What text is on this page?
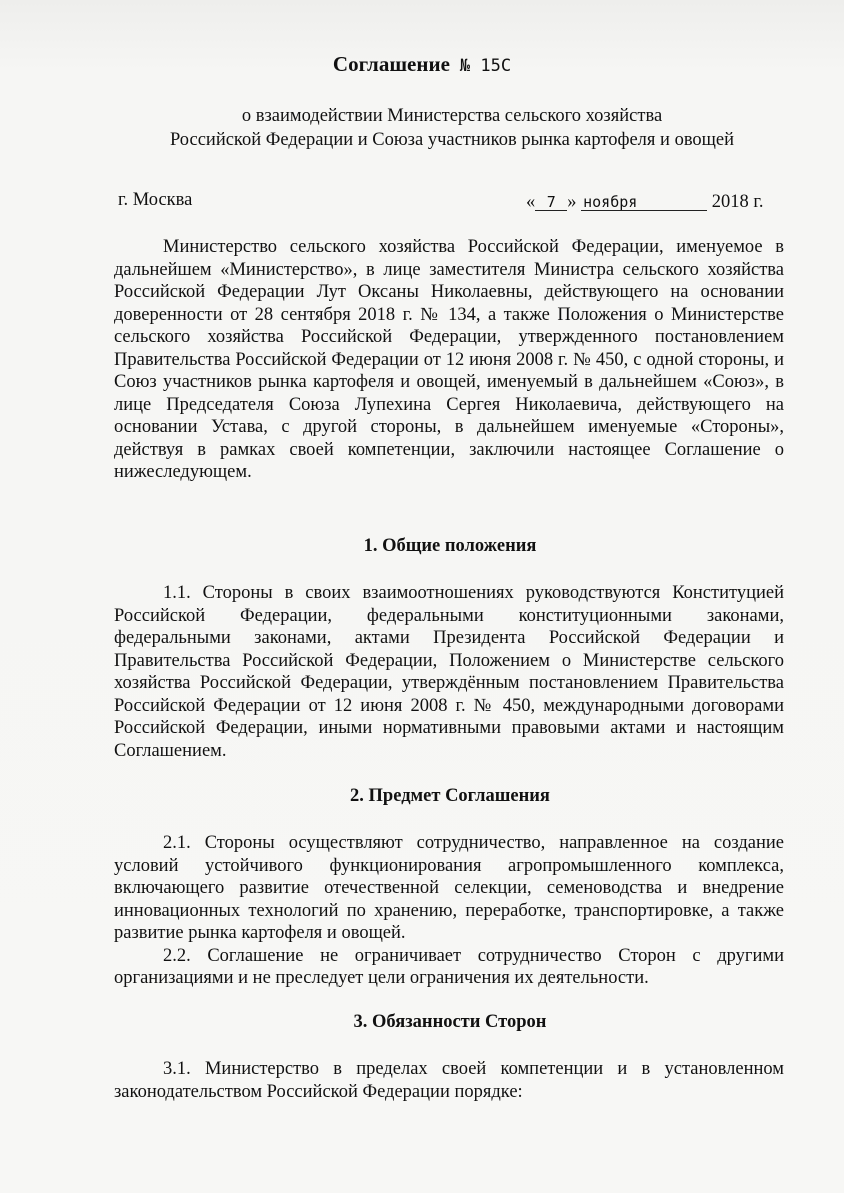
Соглашение № 15С
о взаимодействии Министерства сельского хозяйства
Российской Федерации и Союза участников рынка картофеля и овощей
г. Москва	« 7 » ноября	2018 г.

Министерство сельского хозяйства Российской Федерации, именуемое в дальнейшем «Министерство», в лице заместителя Министра сельского хозяйства Российской Федерации Лут Оксаны Николаевны, действующего на основании доверенности от 28 сентября 2018 г. № 134, а также Положения о Министерстве сельского хозяйства Российской Федерации, утвержденного постановлением Правительства Российской Федерации от 12 июня 2008 г. № 450, с одной стороны, и Союз участников рынка картофеля и овощей, именуемый в дальнейшем «Союз», в лице Председателя Союза Лупехина Сергея Николаевича, действующего на основании Устава, с другой стороны, в дальнейшем именуемые «Стороны», действуя в рамках своей компетенции, заключили настоящее Соглашение о нижеследующем.

1. Общие положения

1.1. Стороны в своих взаимоотношениях руководствуются Конституцией Российской Федерации, федеральными конституционными законами, федеральными законами, актами Президента Российской Федерации и Правительства Российской Федерации, Положением о Министерстве сельского хозяйства Российской Федерации, утверждённым постановлением Правительства Российской Федерации от 12 июня 2008 г. № 450, международными договорами Российской Федерации, иными нормативными правовыми актами и настоящим Соглашением.

2. Предмет Соглашения

2.1. Стороны осуществляют сотрудничество, направленное на создание условий устойчивого функционирования агропромышленного комплекса, включающего развитие отечественной селекции, семеноводства и внедрение инновационных технологий по хранению, переработке, транспортировке, а также развитие рынка картофеля и овощей.

2.2. Соглашение не ограничивает сотрудничество Сторон с другими организациями и не преследует цели ограничения их деятельности.

3. Обязанности Сторон

3.1. Министерство в пределах своей компетенции и в установленном законодательством Российской Федерации порядке:
